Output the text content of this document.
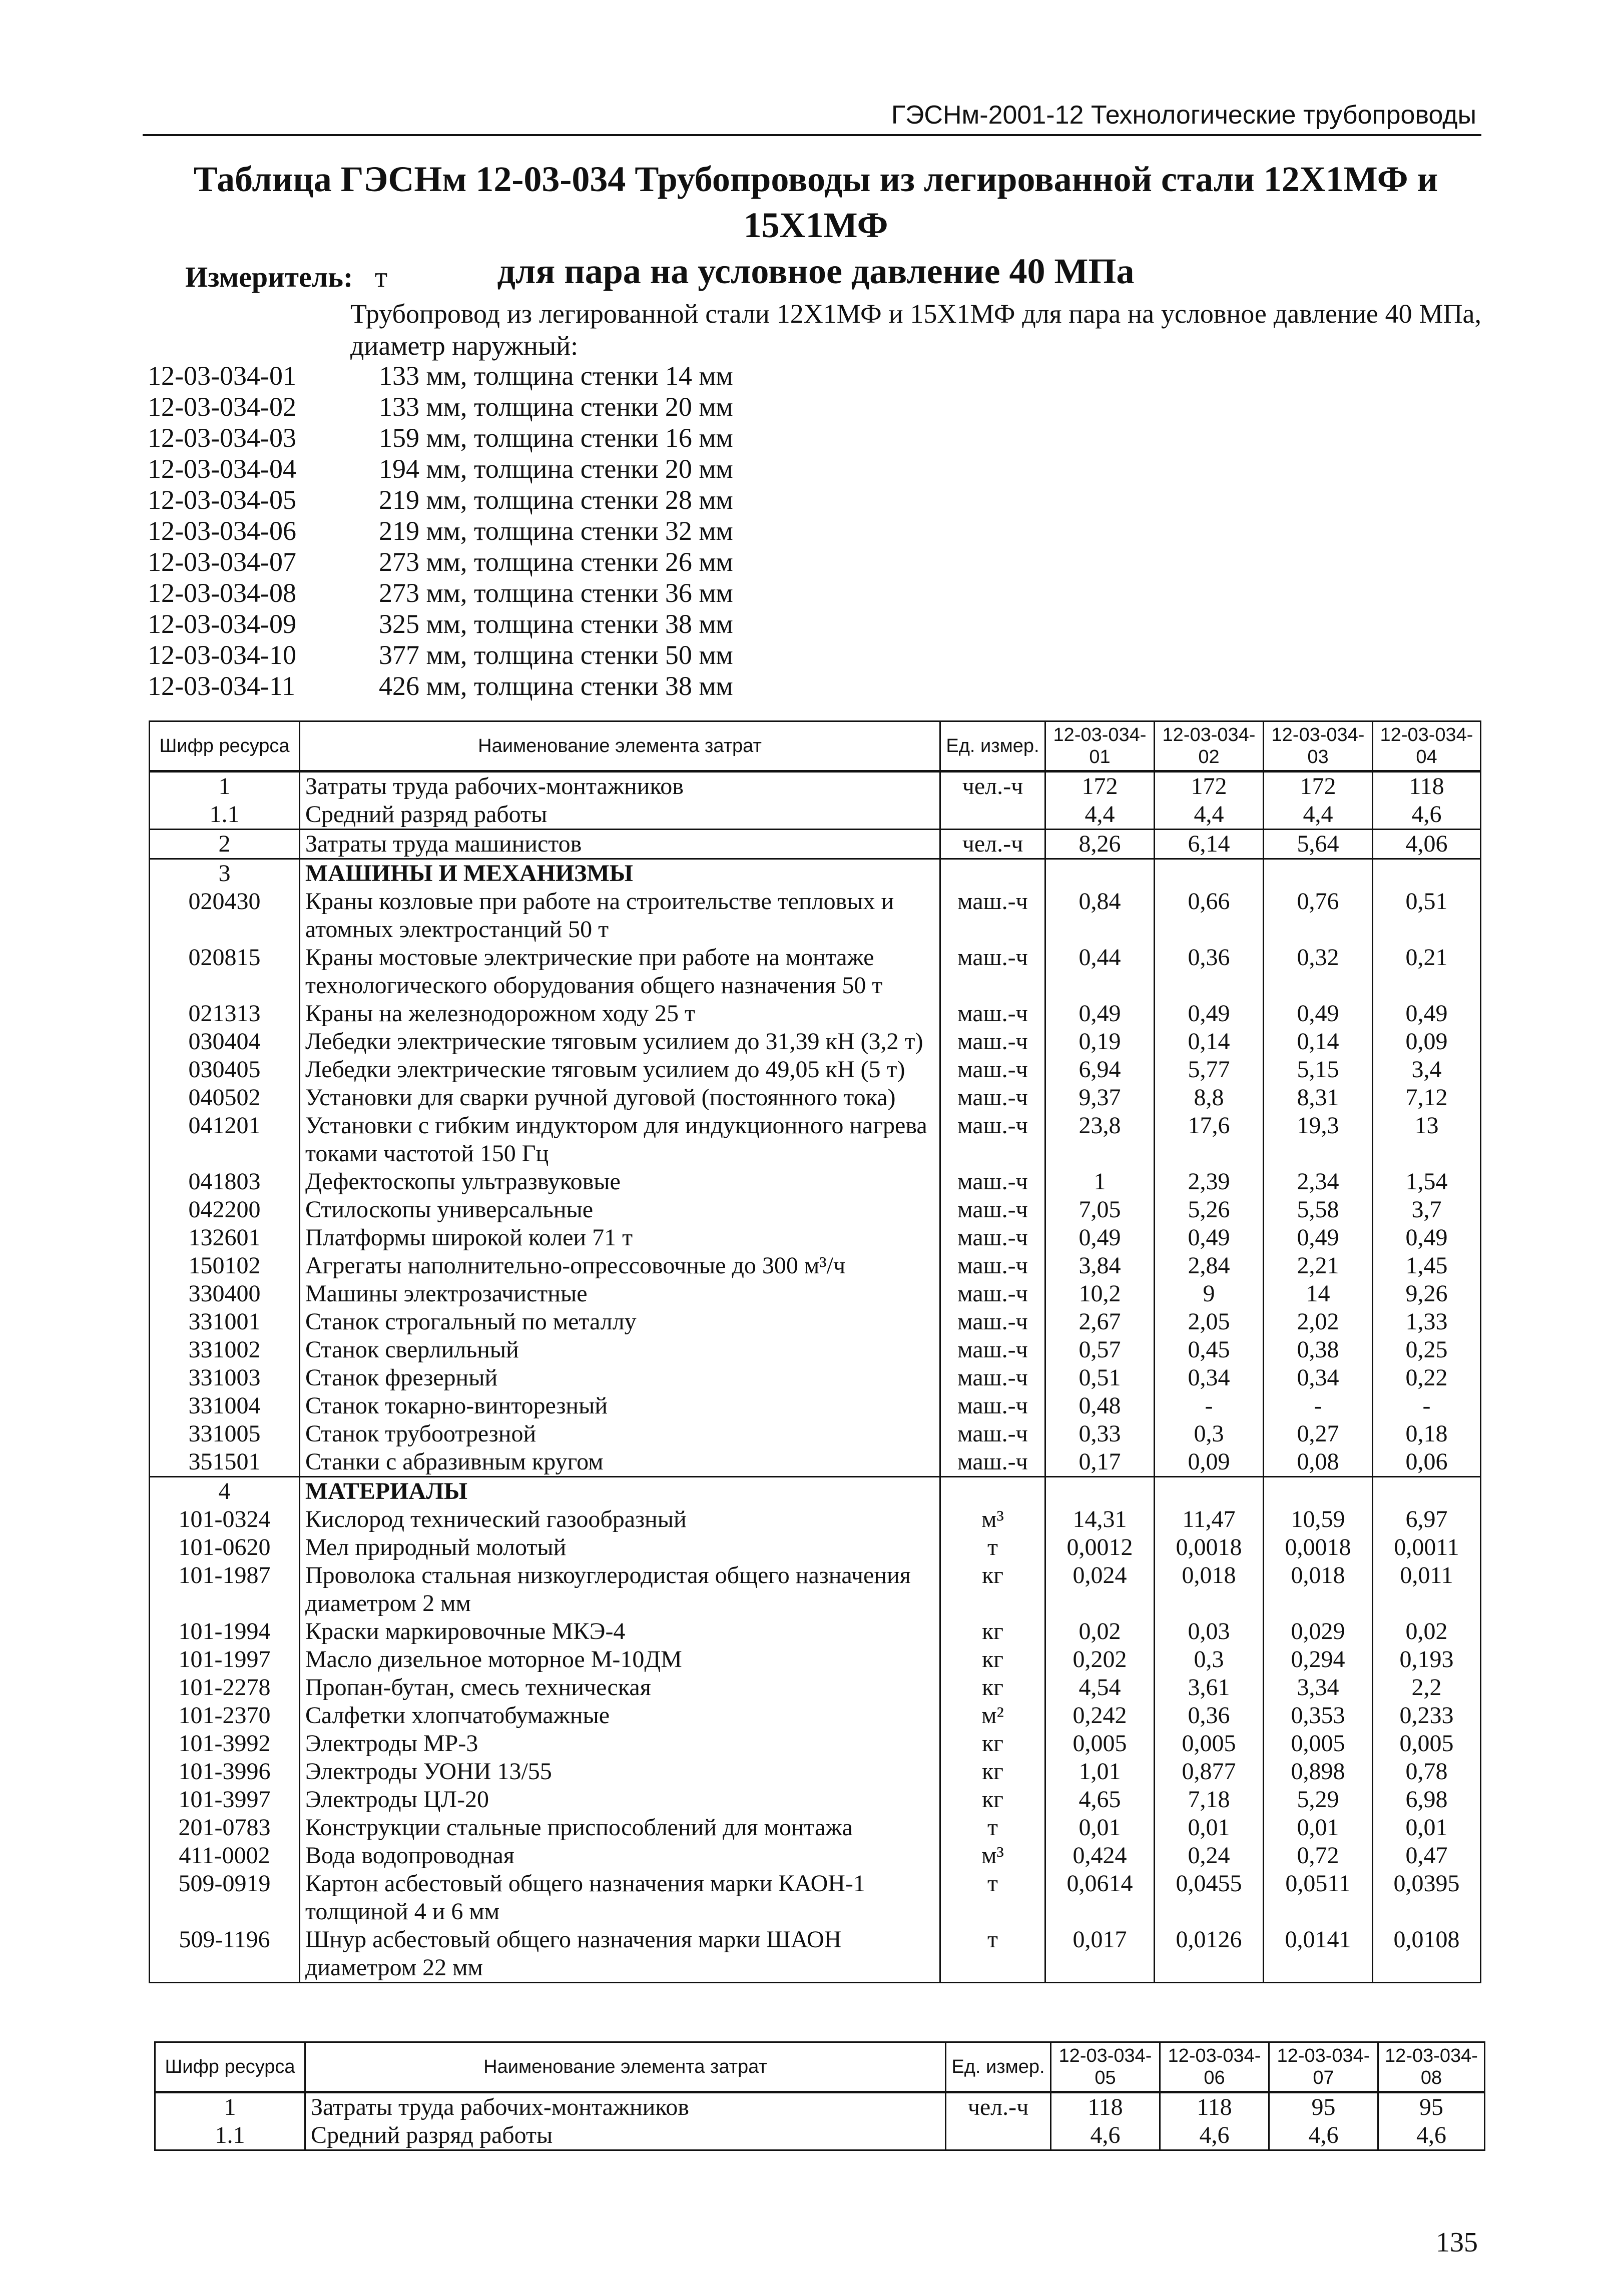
ГЭСНм-2001-12 Технологические трубопроводы
Таблица ГЭСНм 12-03-034 Трубопроводы из легированной стали 12Х1МФ и 15Х1МФ
для пара на условное давление 40 МПа
Измеритель: т
Трубопровод из легированной стали 12Х1МФ и 15Х1МФ для пара на условное давление 40 МПа, диаметр наружный:
12-03-034-01	133 мм, толщина стенки 14 мм
12-03-034-02	133 мм, толщина стенки 20 мм
12-03-034-03	159 мм, толщина стенки 16 мм
12-03-034-04	194 мм, толщина стенки 20 мм
12-03-034-05	219 мм, толщина стенки 28 мм
12-03-034-06	219 мм, толщина стенки 32 мм
12-03-034-07	273 мм, толщина стенки 26 мм
12-03-034-08	273 мм, толщина стенки 36 мм
12-03-034-09	325 мм, толщина стенки 38 мм
12-03-034-10	377 мм, толщина стенки 50 мм
12-03-034-11	426 мм, толщина стенки 38 мм
Шифр ресурса	Наименование элемента затрат	Ед. измер.	12-03-034-01	12-03-034-02	12-03-034-03	12-03-034-04
1	Затраты труда рабочих-монтажников	чел.-ч	172	172	172	118
1.1	Средний разряд работы		4,4	4,4	4,4	4,6
2	Затраты труда машинистов	чел.-ч	8,26	6,14	5,64	4,06
3	МАШИНЫ И МЕХАНИЗМЫ					
020430	Краны козловые при работе на строительстве тепловых и атомных электростанций 50 т	маш.-ч	0,84	0,66	0,76	0,51
020815	Краны мостовые электрические при работе на монтаже технологического оборудования общего назначения 50 т	маш.-ч	0,44	0,36	0,32	0,21
021313	Краны на железнодорожном ходу 25 т	маш.-ч	0,49	0,49	0,49	0,49
030404	Лебедки электрические тяговым усилием до 31,39 кН (3,2 т)	маш.-ч	0,19	0,14	0,14	0,09
030405	Лебедки электрические тяговым усилием до 49,05 кН (5 т)	маш.-ч	6,94	5,77	5,15	3,4
040502	Установки для сварки ручной дуговой (постоянного тока)	маш.-ч	9,37	8,8	8,31	7,12
041201	Установки с гибким индуктором для индукционного нагрева токами частотой 150 Гц	маш.-ч	23,8	17,6	19,3	13
041803	Дефектоскопы ультразвуковые	маш.-ч	1	2,39	2,34	1,54
042200	Стилоскопы универсальные	маш.-ч	7,05	5,26	5,58	3,7
132601	Платформы широкой колеи 71 т	маш.-ч	0,49	0,49	0,49	0,49
150102	Агрегаты наполнительно-опрессовочные до 300 м³/ч	маш.-ч	3,84	2,84	2,21	1,45
330400	Машины электрозачистные	маш.-ч	10,2	9	14	9,26
331001	Станок строгальный по металлу	маш.-ч	2,67	2,05	2,02	1,33
331002	Станок сверлильный	маш.-ч	0,57	0,45	0,38	0,25
331003	Станок фрезерный	маш.-ч	0,51	0,34	0,34	0,22
331004	Станок токарно-винторезный	маш.-ч	0,48	-	-	-
331005	Станок трубоотрезной	маш.-ч	0,33	0,3	0,27	0,18
351501	Станки с абразивным кругом	маш.-ч	0,17	0,09	0,08	0,06
4	МАТЕРИАЛЫ					
101-0324	Кислород технический газообразный	м³	14,31	11,47	10,59	6,97
101-0620	Мел природный молотый	т	0,0012	0,0018	0,0018	0,0011
101-1987	Проволока стальная низкоуглеродистая общего назначения диаметром 2 мм	кг	0,024	0,018	0,018	0,011
101-1994	Краски маркировочные МКЭ-4	кг	0,02	0,03	0,029	0,02
101-1997	Масло дизельное моторное М-10ДМ	кг	0,202	0,3	0,294	0,193
101-2278	Пропан-бутан, смесь техническая	кг	4,54	3,61	3,34	2,2
101-2370	Салфетки хлопчатобумажные	м²	0,242	0,36	0,353	0,233
101-3992	Электроды МР-3	кг	0,005	0,005	0,005	0,005
101-3996	Электроды УОНИ 13/55	кг	1,01	0,877	0,898	0,78
101-3997	Электроды ЦЛ-20	кг	4,65	7,18	5,29	6,98
201-0783	Конструкции стальные приспособлений для монтажа	т	0,01	0,01	0,01	0,01
411-0002	Вода водопроводная	м³	0,424	0,24	0,72	0,47
509-0919	Картон асбестовый общего назначения марки КАОН-1 толщиной 4 и 6 мм	т	0,0614	0,0455	0,0511	0,0395
509-1196	Шнур асбестовый общего назначения марки ШАОН диаметром 22 мм	т	0,017	0,0126	0,0141	0,0108
Шифр ресурса	Наименование элемента затрат	Ед. измер.	12-03-034-05	12-03-034-06	12-03-034-07	12-03-034-08
1	Затраты труда рабочих-монтажников	чел.-ч	118	118	95	95
1.1	Средний разряд работы		4,6	4,6	4,6	4,6
135
